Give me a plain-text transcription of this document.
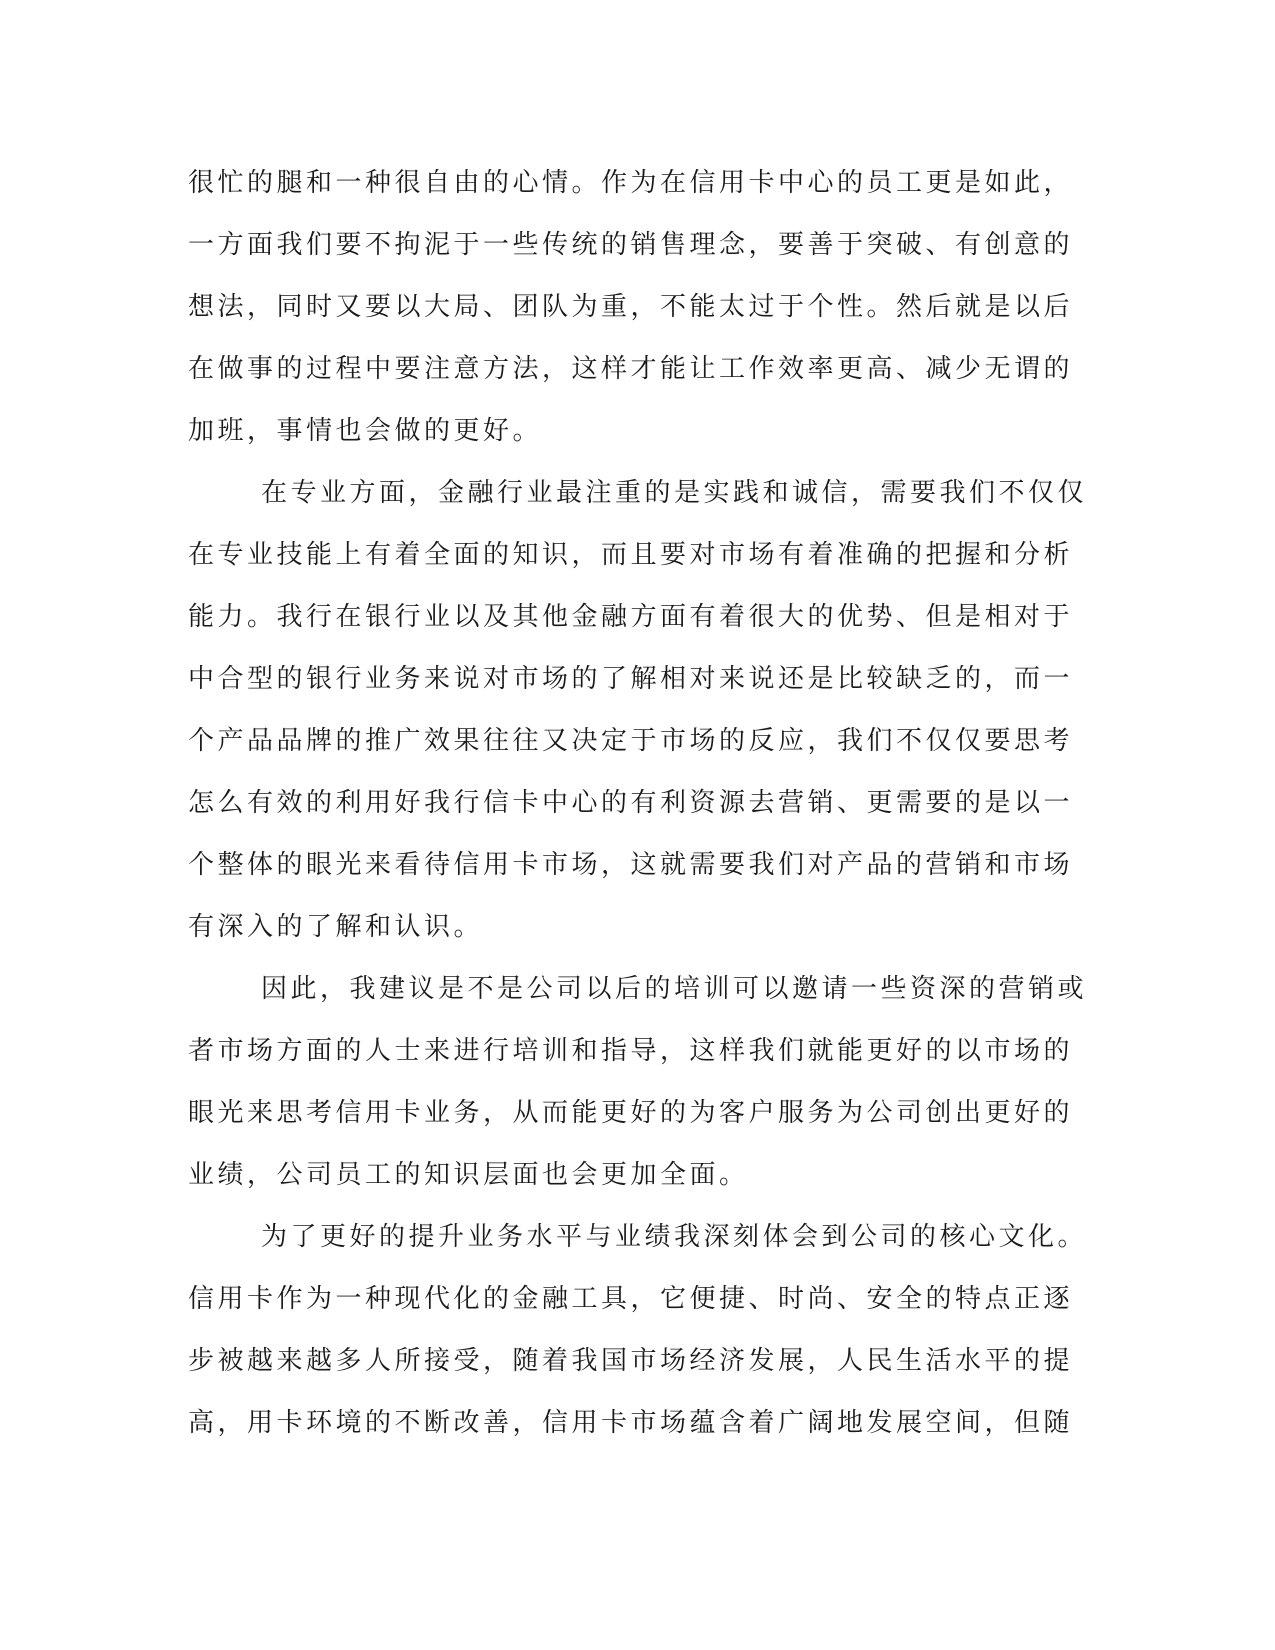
很忙的腿和一种很自由的心情。作为在信用卡中心的员工更是如此，
一方面我们要不拘泥于一些传统的销售理念，要善于突破、有创意的
想法，同时又要以大局、团队为重，不能太过于个性。然后就是以后
在做事的过程中要注意方法，这样才能让工作效率更高、减少无谓的
加班，事情也会做的更好。
在专业方面，金融行业最注重的是实践和诚信，需要我们不仅仅
在专业技能上有着全面的知识，而且要对市场有着准确的把握和分析
能力。我行在银行业以及其他金融方面有着很大的优势、但是相对于
中合型的银行业务来说对市场的了解相对来说还是比较缺乏的，而一
个产品品牌的推广效果往往又决定于市场的反应，我们不仅仅要思考
怎么有效的利用好我行信卡中心的有利资源去营销、更需要的是以一
个整体的眼光来看待信用卡市场，这就需要我们对产品的营销和市场
有深入的了解和认识。
因此，我建议是不是公司以后的培训可以邀请一些资深的营销或
者市场方面的人士来进行培训和指导，这样我们就能更好的以市场的
眼光来思考信用卡业务，从而能更好的为客户服务为公司创出更好的
业绩，公司员工的知识层面也会更加全面。
为了更好的提升业务水平与业绩我深刻体会到公司的核心文化。
信用卡作为一种现代化的金融工具，它便捷、时尚、安全的特点正逐
步被越来越多人所接受，随着我国市场经济发展，人民生活水平的提
高，用卡环境的不断改善，信用卡市场蕴含着广阔地发展空间，但随
